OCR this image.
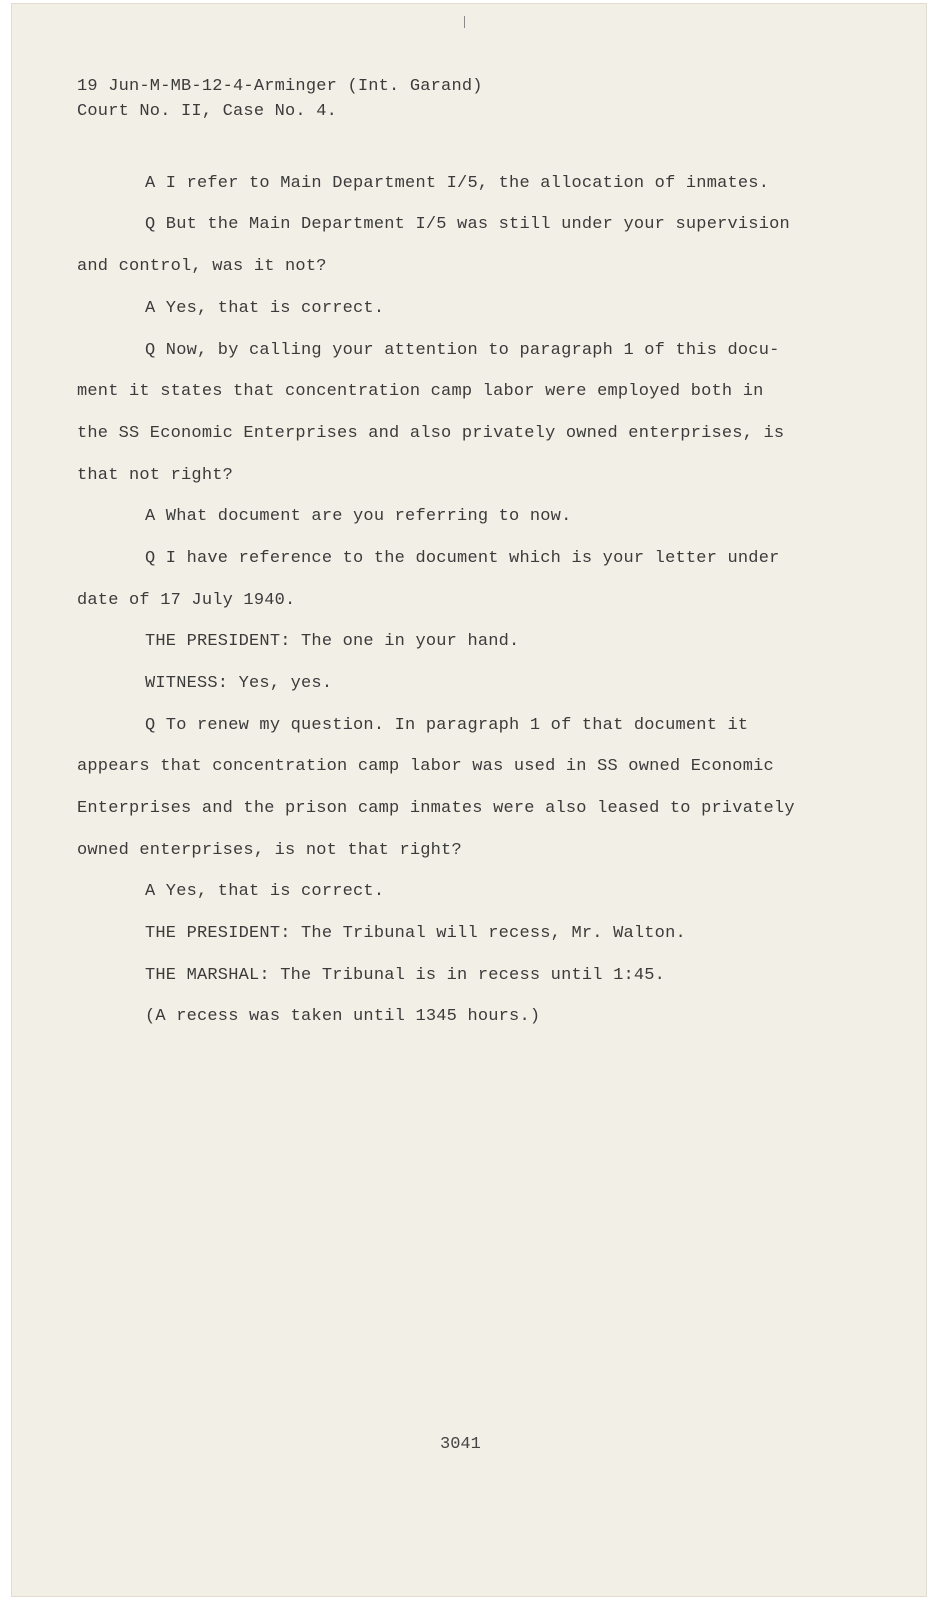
19 Jun-M-MB-12-4-Arminger (Int. Garand)
Court No. II, Case No. 4.
A I refer to Main Department I/5, the allocation of inmates.
Q But the Main Department I/5 was still under your supervision
and control, was it not?
A Yes, that is correct.
Q Now, by calling your attention to paragraph 1 of this docu-
ment it states that concentration camp labor were employed both in
the SS Economic Enterprises and also privately owned enterprises, is
that not right?
A What document are you referring to now.
Q I have reference to the document which is your letter under
date of 17 July 1940.
THE PRESIDENT: The one in your hand.
WITNESS: Yes, yes.
Q To renew my question. In paragraph 1 of that document it
appears that concentration camp labor was used in SS owned Economic
Enterprises and the prison camp inmates were also leased to privately
owned enterprises, is not that right?
A Yes, that is correct.
THE PRESIDENT: The Tribunal will recess, Mr. Walton.
THE MARSHAL: The Tribunal is in recess until 1:45.
(A recess was taken until 1345 hours.)
3041
